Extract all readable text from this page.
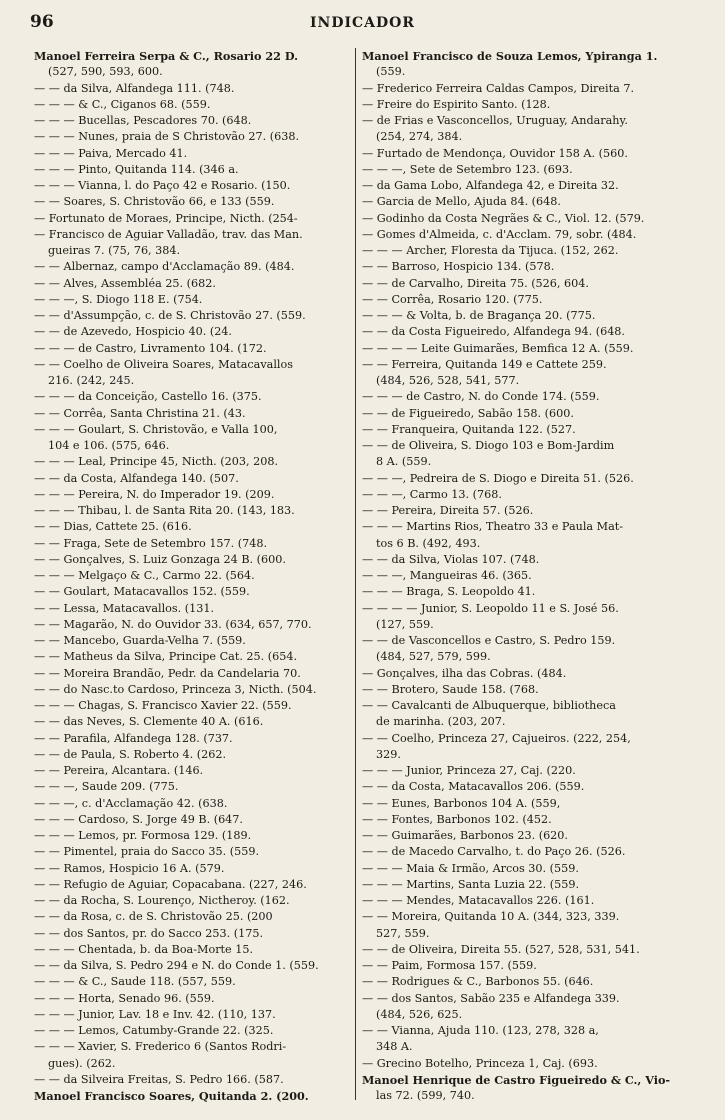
96	INDICADOR
Manoel Ferreira Serpa & C., Rosario 22 D.
(527, 590, 593, 600.
— — da Silva, Alfandega 111. (748.
— — — & C., Ciganos 68. (559.
— — — Bucellas, Pescadores 70. (648.
— — — Nunes, praia de S Christovão 27. (638.
— — — Paiva, Mercado 41.
— — — Pinto, Quitanda 114. (346 a.
— — — Vianna, l. do Paço 42 e Rosario. (150.
— — Soares, S. Christovão 66, e 133 (559.
— Fortunato de Moraes, Principe, Nicth. (254-
— Francisco de Aguiar Valladão, trav. das Man.
gueiras 7. (75, 76, 384.
— — Albernaz, campo d'Acclamação 89. (484.
— — Alves, Assembléa 25. (682.
— — —, S. Diogo 118 E. (754.
— — d'Assumpção, c. de S. Christovão 27. (559.
— — de Azevedo, Hospicio 40. (24.
— — — de Castro, Livramento 104. (172.
— — Coelho de Oliveira Soares, Matacavallos
216. (242, 245.
— — — da Conceição, Castello 16. (375.
— — Corrêa, Santa Christina 21. (43.
— — — Goulart, S. Christovão, e Valla 100,
104 e 106. (575, 646.
— — — Leal, Principe 45, Nicth. (203, 208.
— — da Costa, Alfandega 140. (507.
— — — Pereira, N. do Imperador 19. (209.
— — — Thibau, l. de Santa Rita 20. (143, 183.
— — Dias, Cattete 25. (616.
— — Fraga, Sete de Setembro 157. (748.
— — Gonçalves, S. Luiz Gonzaga 24 B. (600.
— — — Melgaço & C., Carmo 22. (564.
— — Goulart, Matacavallos 152. (559.
— — Lessa, Matacavallos. (131.
— — Magarão, N. do Ouvidor 33. (634, 657, 770.
— — Mancebo, Guarda-Velha 7. (559.
— — Matheus da Silva, Principe Cat. 25. (654.
— — Moreira Brandão, Pedr. da Candelaria 70.
— — do Nasc.to Cardoso, Princeza 3, Nicth. (504.
— — — Chagas, S. Francisco Xavier 22. (559.
— — das Neves, S. Clemente 40 A. (616.
— — Parafila, Alfandega 128. (737.
— — de Paula, S. Roberto 4. (262.
— — Pereira, Alcantara. (146.
— — —, Saude 209. (775.
— — —, c. d'Acclamação 42. (638.
— — — Cardoso, S. Jorge 49 B. (647.
— — — Lemos, pr. Formosa 129. (189.
— — Pimentel, praia do Sacco 35. (559.
— — Ramos, Hospicio 16 A. (579.
— — Refugio de Aguiar, Copacabana. (227, 246.
— — da Rocha, S. Lourenço, Nictheroy. (162.
— — da Rosa, c. de S. Christovão 25. (200
— — dos Santos, pr. do Sacco 253. (175.
— — — Chentada, b. da Boa-Morte 15.
— — da Silva, S. Pedro 294 e N. do Conde 1. (559.
— — — & C., Saude 118. (557, 559.
— — — Horta, Senado 96. (559.
— — — Junior, Lav. 18 e Inv. 42. (110, 137.
— — — Lemos, Catumby-Grande 22. (325.
— — — Xavier, S. Frederico 6 (Santos Rodri-
gues). (262.
— — da Silveira Freitas, S. Pedro 166. (587.
Manoel Francisco Soares, Quitanda 2. (200.
Manoel Francisco de Souza Lemos, Ypiranga 1.
(559.
— Frederico Ferreira Caldas Campos, Direita 7.
— Freire do Espirito Santo. (128.
— de Frias e Vasconcellos, Uruguay, Andarahy.
(254, 274, 384.
— Furtado de Mendonça, Ouvidor 158 A. (560.
— — —, Sete de Setembro 123. (693.
— da Gama Lobo, Alfandega 42, e Direita 32.
— Garcia de Mello, Ajuda 84. (648.
— Godinho da Costa Negrães & C., Viol. 12. (579.
— Gomes d'Almeida, c. d'Acclam. 79, sobr. (484.
— — — Archer, Floresta da Tijuca. (152, 262.
— — Barroso, Hospicio 134. (578.
— — de Carvalho, Direita 75. (526, 604.
— — Corrêa, Rosario 120. (775.
— — — & Volta, b. de Bragança 20. (775.
— — da Costa Figueiredo, Alfandega 94. (648.
— — — — Leite Guimarães, Bemfica 12 A. (559.
— — Ferreira, Quitanda 149 e Cattete 259.
(484, 526, 528, 541, 577.
— — — de Castro, N. do Conde 174. (559.
— — de Figueiredo, Sabão 158. (600.
— — Franqueira, Quitanda 122. (527.
— — de Oliveira, S. Diogo 103 e Bom-Jardim
8 A. (559.
— — —, Pedreira de S. Diogo e Direita 51. (526.
— — —, Carmo 13. (768.
— — Pereira, Direita 57. (526.
— — — Martins Rios, Theatro 33 e Paula Mat-
tos 6 B. (492, 493.
— — da Silva, Violas 107. (748.
— — —, Mangueiras 46. (365.
— — — Braga, S. Leopoldo 41.
— — — — Junior, S. Leopoldo 11 e S. José 56.
(127, 559.
— — de Vasconcellos e Castro, S. Pedro 159.
(484, 527, 579, 599.
— Gonçalves, ilha das Cobras. (484.
— — Brotero, Saude 158. (768.
— — Cavalcanti de Albuquerque, bibliotheca
de marinha. (203, 207.
— — Coelho, Princeza 27, Cajueiros. (222, 254,
329.
— — — Junior, Princeza 27, Caj. (220.
— — da Costa, Matacavallos 206. (559.
— — Eunes, Barbonos 104 A. (559,
— — Fontes, Barbonos 102. (452.
— — Guimarães, Barbonos 23. (620.
— — de Macedo Carvalho, t. do Paço 26. (526.
— — — Maia & Irmão, Arcos 30. (559.
— — — Martins, Santa Luzia 22. (559.
— — — Mendes, Matacavallos 226. (161.
— — Moreira, Quitanda 10 A. (344, 323, 339.
527, 559.
— — de Oliveira, Direita 55. (527, 528, 531, 541.
— — Paim, Formosa 157. (559.
— — Rodrigues & C., Barbonos 55. (646.
— — dos Santos, Sabão 235 e Alfandega 339.
(484, 526, 625.
— — Vianna, Ajuda 110. (123, 278, 328 a,
348 A.
— Grecino Botelho, Princeza 1, Caj. (693.
Manoel Henrique de Castro Figueiredo & C., Vio-
las 72. (599, 740.
